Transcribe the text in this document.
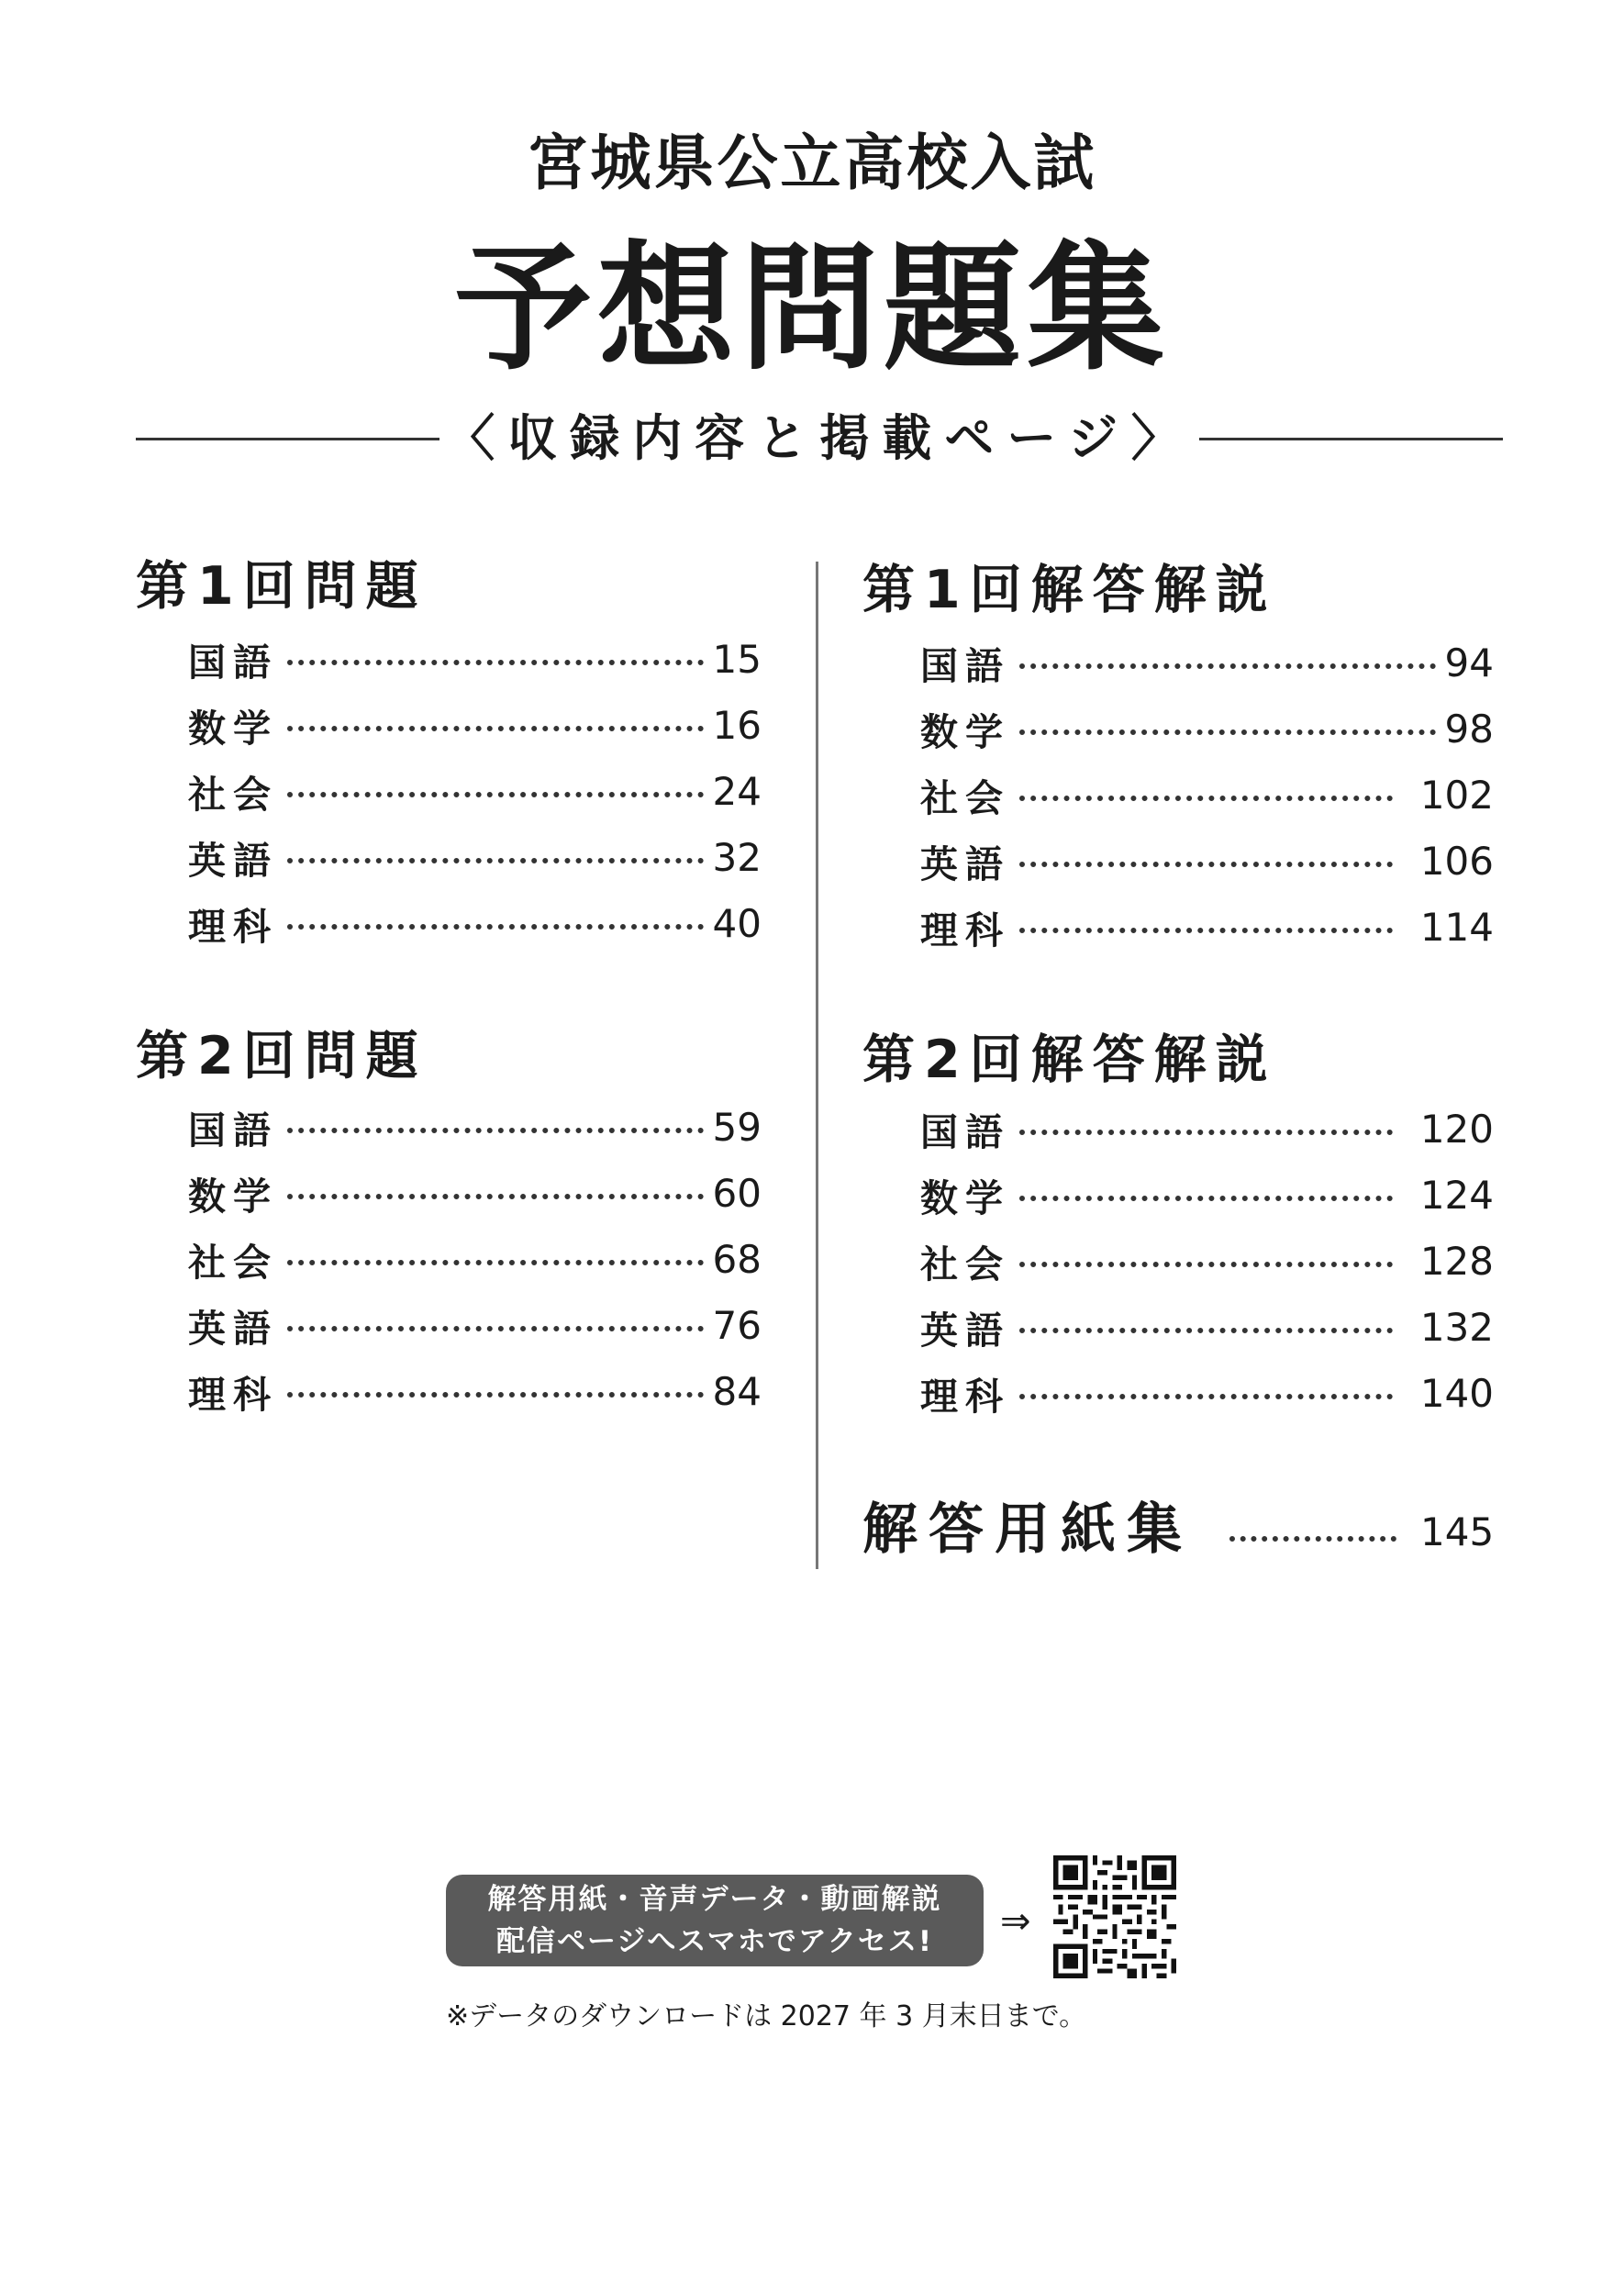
宮城県公立高校入試
予想問題集
〈収録内容と掲載ページ〉
第1回問題
国語	15
数学	16
社会	24
英語	32
理科	40
第2回問題
国語	59
数学	60
社会	68
英語	76
理科	84
第1回解答解説
国語	94
数学	98
社会	102
英語	106
理科	114
第2回解答解説
国語	120
数学	124
社会	128
英語	132
理科	140
解答用紙集	145
解答用紙・音声データ・動画解説
配信ページへスマホでアクセス!	⇒
※データのダウンロードは 2027 年 3 月末日まで。
